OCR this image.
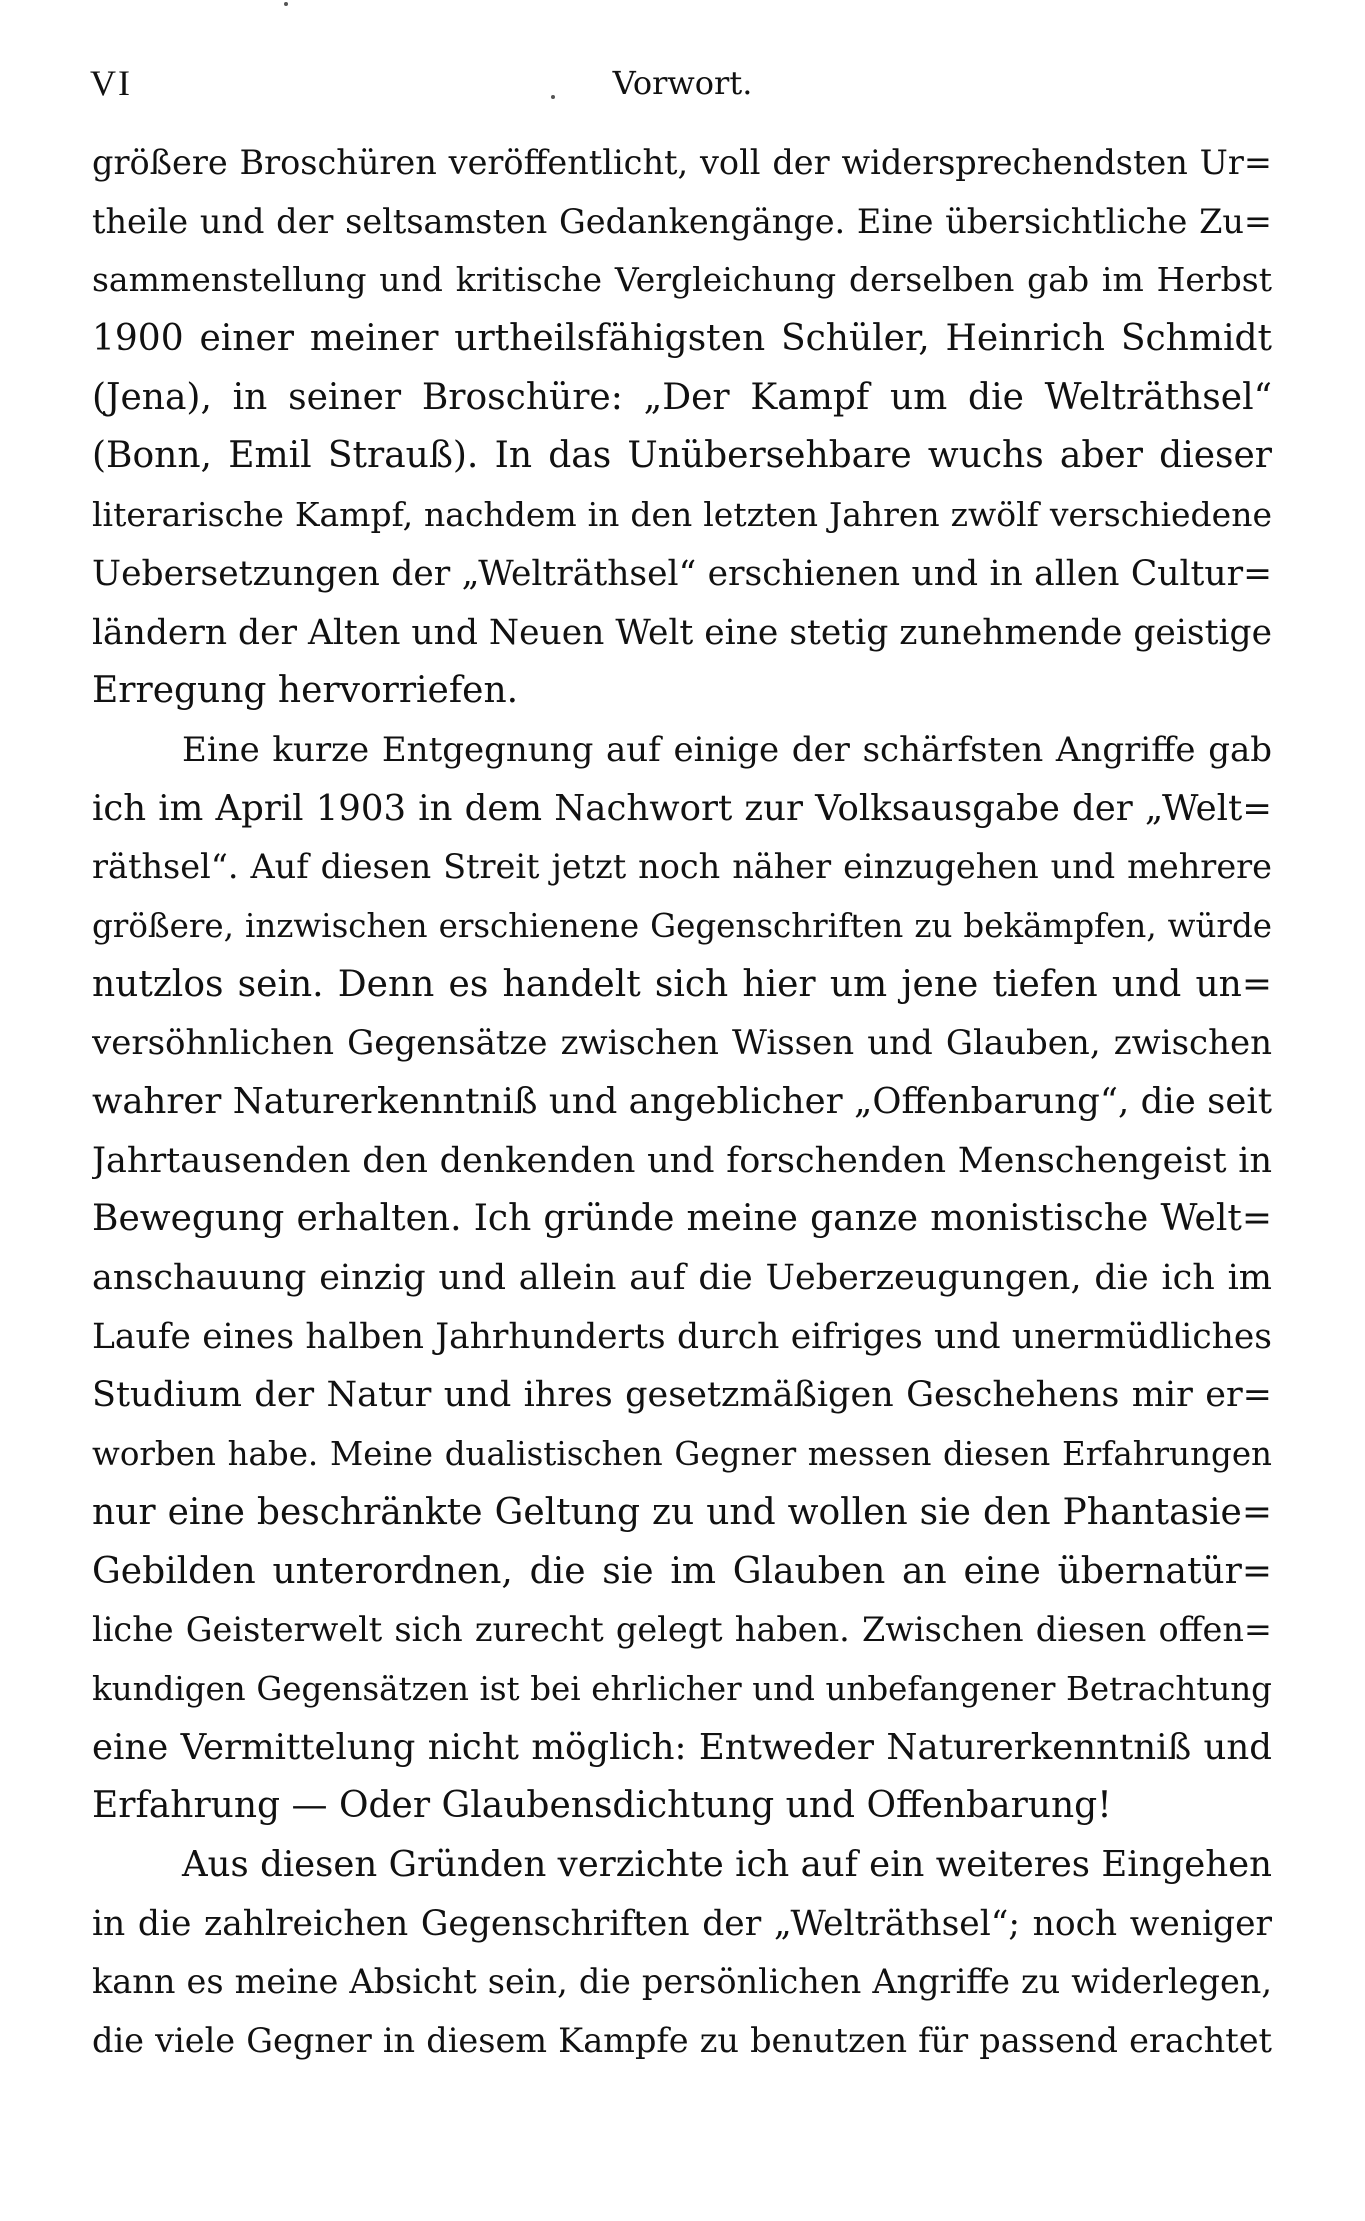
VI	Vorwort.
größere Broschüren veröffentlicht, voll der widersprechendsten Ur=
theile und der seltsamsten Gedankengänge. Eine übersichtliche Zu=
sammenstellung und kritische Vergleichung derselben gab im Herbst
1900 einer meiner urtheilsfähigsten Schüler, Heinrich Schmidt
(Jena), in seiner Broschüre: „Der Kampf um die Welträthsel“
(Bonn, Emil Strauß). In das Unübersehbare wuchs aber dieser
literarische Kampf, nachdem in den letzten Jahren zwölf verschiedene
Uebersetzungen der „Welträthsel“ erschienen und in allen Cultur=
ländern der Alten und Neuen Welt eine stetig zunehmende geistige
Erregung hervorriefen.
Eine kurze Entgegnung auf einige der schärfsten Angriffe gab
ich im April 1903 in dem Nachwort zur Volksausgabe der „Welt=
räthsel“. Auf diesen Streit jetzt noch näher einzugehen und mehrere
größere, inzwischen erschienene Gegenschriften zu bekämpfen, würde
nutzlos sein. Denn es handelt sich hier um jene tiefen und un=
versöhnlichen Gegensätze zwischen Wissen und Glauben, zwischen
wahrer Naturerkenntniß und angeblicher „Offenbarung“, die seit
Jahrtausenden den denkenden und forschenden Menschengeist in
Bewegung erhalten. Ich gründe meine ganze monistische Welt=
anschauung einzig und allein auf die Ueberzeugungen, die ich im
Laufe eines halben Jahrhunderts durch eifriges und unermüdliches
Studium der Natur und ihres gesetzmäßigen Geschehens mir er=
worben habe. Meine dualistischen Gegner messen diesen Erfahrungen
nur eine beschränkte Geltung zu und wollen sie den Phantasie=
Gebilden unterordnen, die sie im Glauben an eine übernatür=
liche Geisterwelt sich zurecht gelegt haben. Zwischen diesen offen=
kundigen Gegensätzen ist bei ehrlicher und unbefangener Betrachtung
eine Vermittelung nicht möglich: Entweder Naturerkenntniß und
Erfahrung — Oder Glaubensdichtung und Offenbarung!
Aus diesen Gründen verzichte ich auf ein weiteres Eingehen
in die zahlreichen Gegenschriften der „Welträthsel“; noch weniger
kann es meine Absicht sein, die persönlichen Angriffe zu widerlegen,
die viele Gegner in diesem Kampfe zu benutzen für passend erachtet
